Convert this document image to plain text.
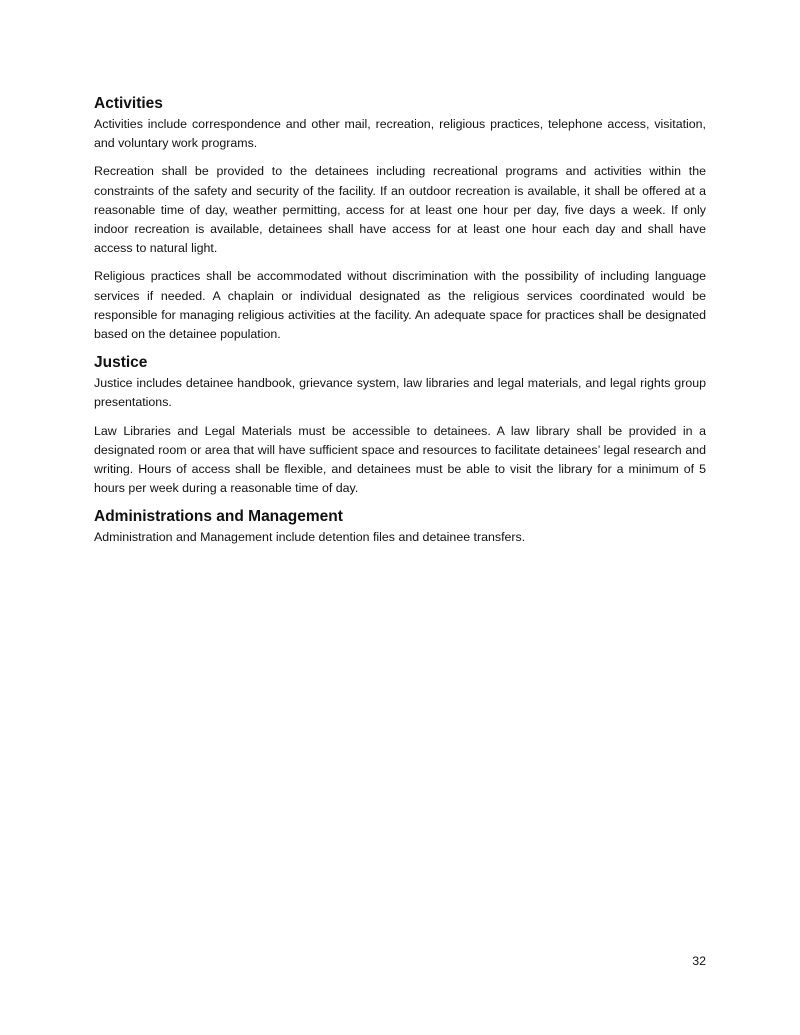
Activities

Activities include correspondence and other mail, recreation, religious practices, telephone access, visitation, and voluntary work programs.

Recreation shall be provided to the detainees including recreational programs and activities within the constraints of the safety and security of the facility. If an outdoor recreation is available, it shall be offered at a reasonable time of day, weather permitting, access for at least one hour per day, five days a week. If only indoor recreation is available, detainees shall have access for at least one hour each day and shall have access to natural light.

Religious practices shall be accommodated without discrimination with the possibility of including language services if needed. A chaplain or individual designated as the religious services coordinated would be responsible for managing religious activities at the facility. An adequate space for practices shall be designated based on the detainee population.

Justice

Justice includes detainee handbook, grievance system, law libraries and legal materials, and legal rights group presentations.

Law Libraries and Legal Materials must be accessible to detainees. A law library shall be provided in a designated room or area that will have sufficient space and resources to facilitate detainees’ legal research and writing. Hours of access shall be flexible, and detainees must be able to visit the library for a minimum of 5 hours per week during a reasonable time of day.

Administrations and Management

Administration and Management include detention files and detainee transfers.

32
